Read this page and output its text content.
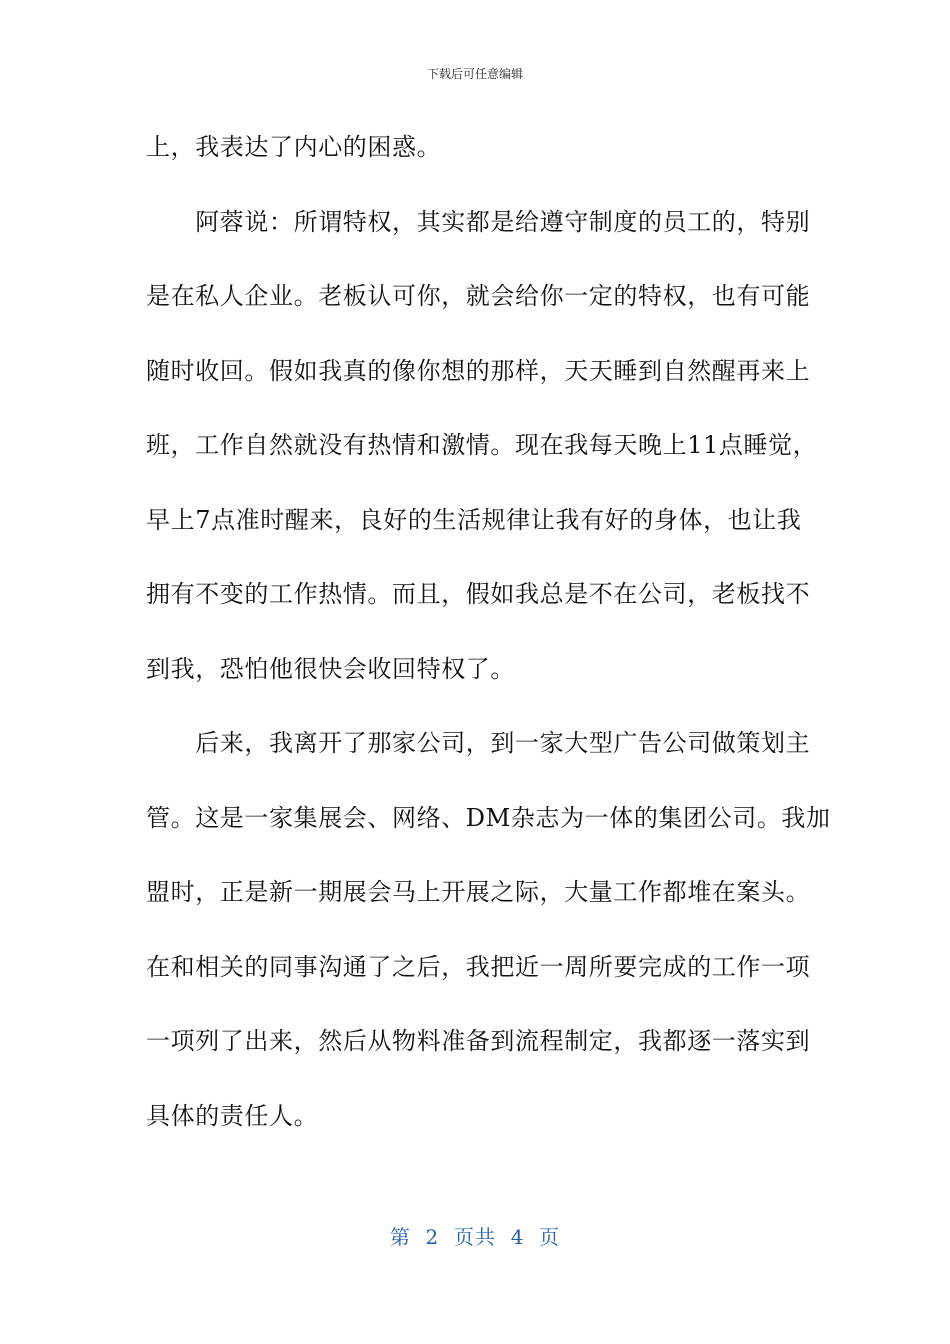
下载后可任意编辑
上，我表达了内心的困惑。
　　阿蓉说：所谓特权，其实都是给遵守制度的员工的，特别
是在私人企业。老板认可你，就会给你一定的特权，也有可能
随时收回。假如我真的像你想的那样，天天睡到自然醒再来上
班，工作自然就没有热情和激情。现在我每天晚上11点睡觉，
早上7点准时醒来，良好的生活规律让我有好的身体，也让我
拥有不变的工作热情。而且，假如我总是不在公司，老板找不
到我，恐怕他很快会收回特权了。
　　后来，我离开了那家公司，到一家大型广告公司做策划主
管。这是一家集展会、网络、DM杂志为一体的集团公司。我加
盟时，正是新一期展会马上开展之际，大量工作都堆在案头。
在和相关的同事沟通了之后，我把近一周所要完成的工作一项
一项列了出来，然后从物料准备到流程制定，我都逐一落实到
具体的责任人。
第  2  页共  4  页
